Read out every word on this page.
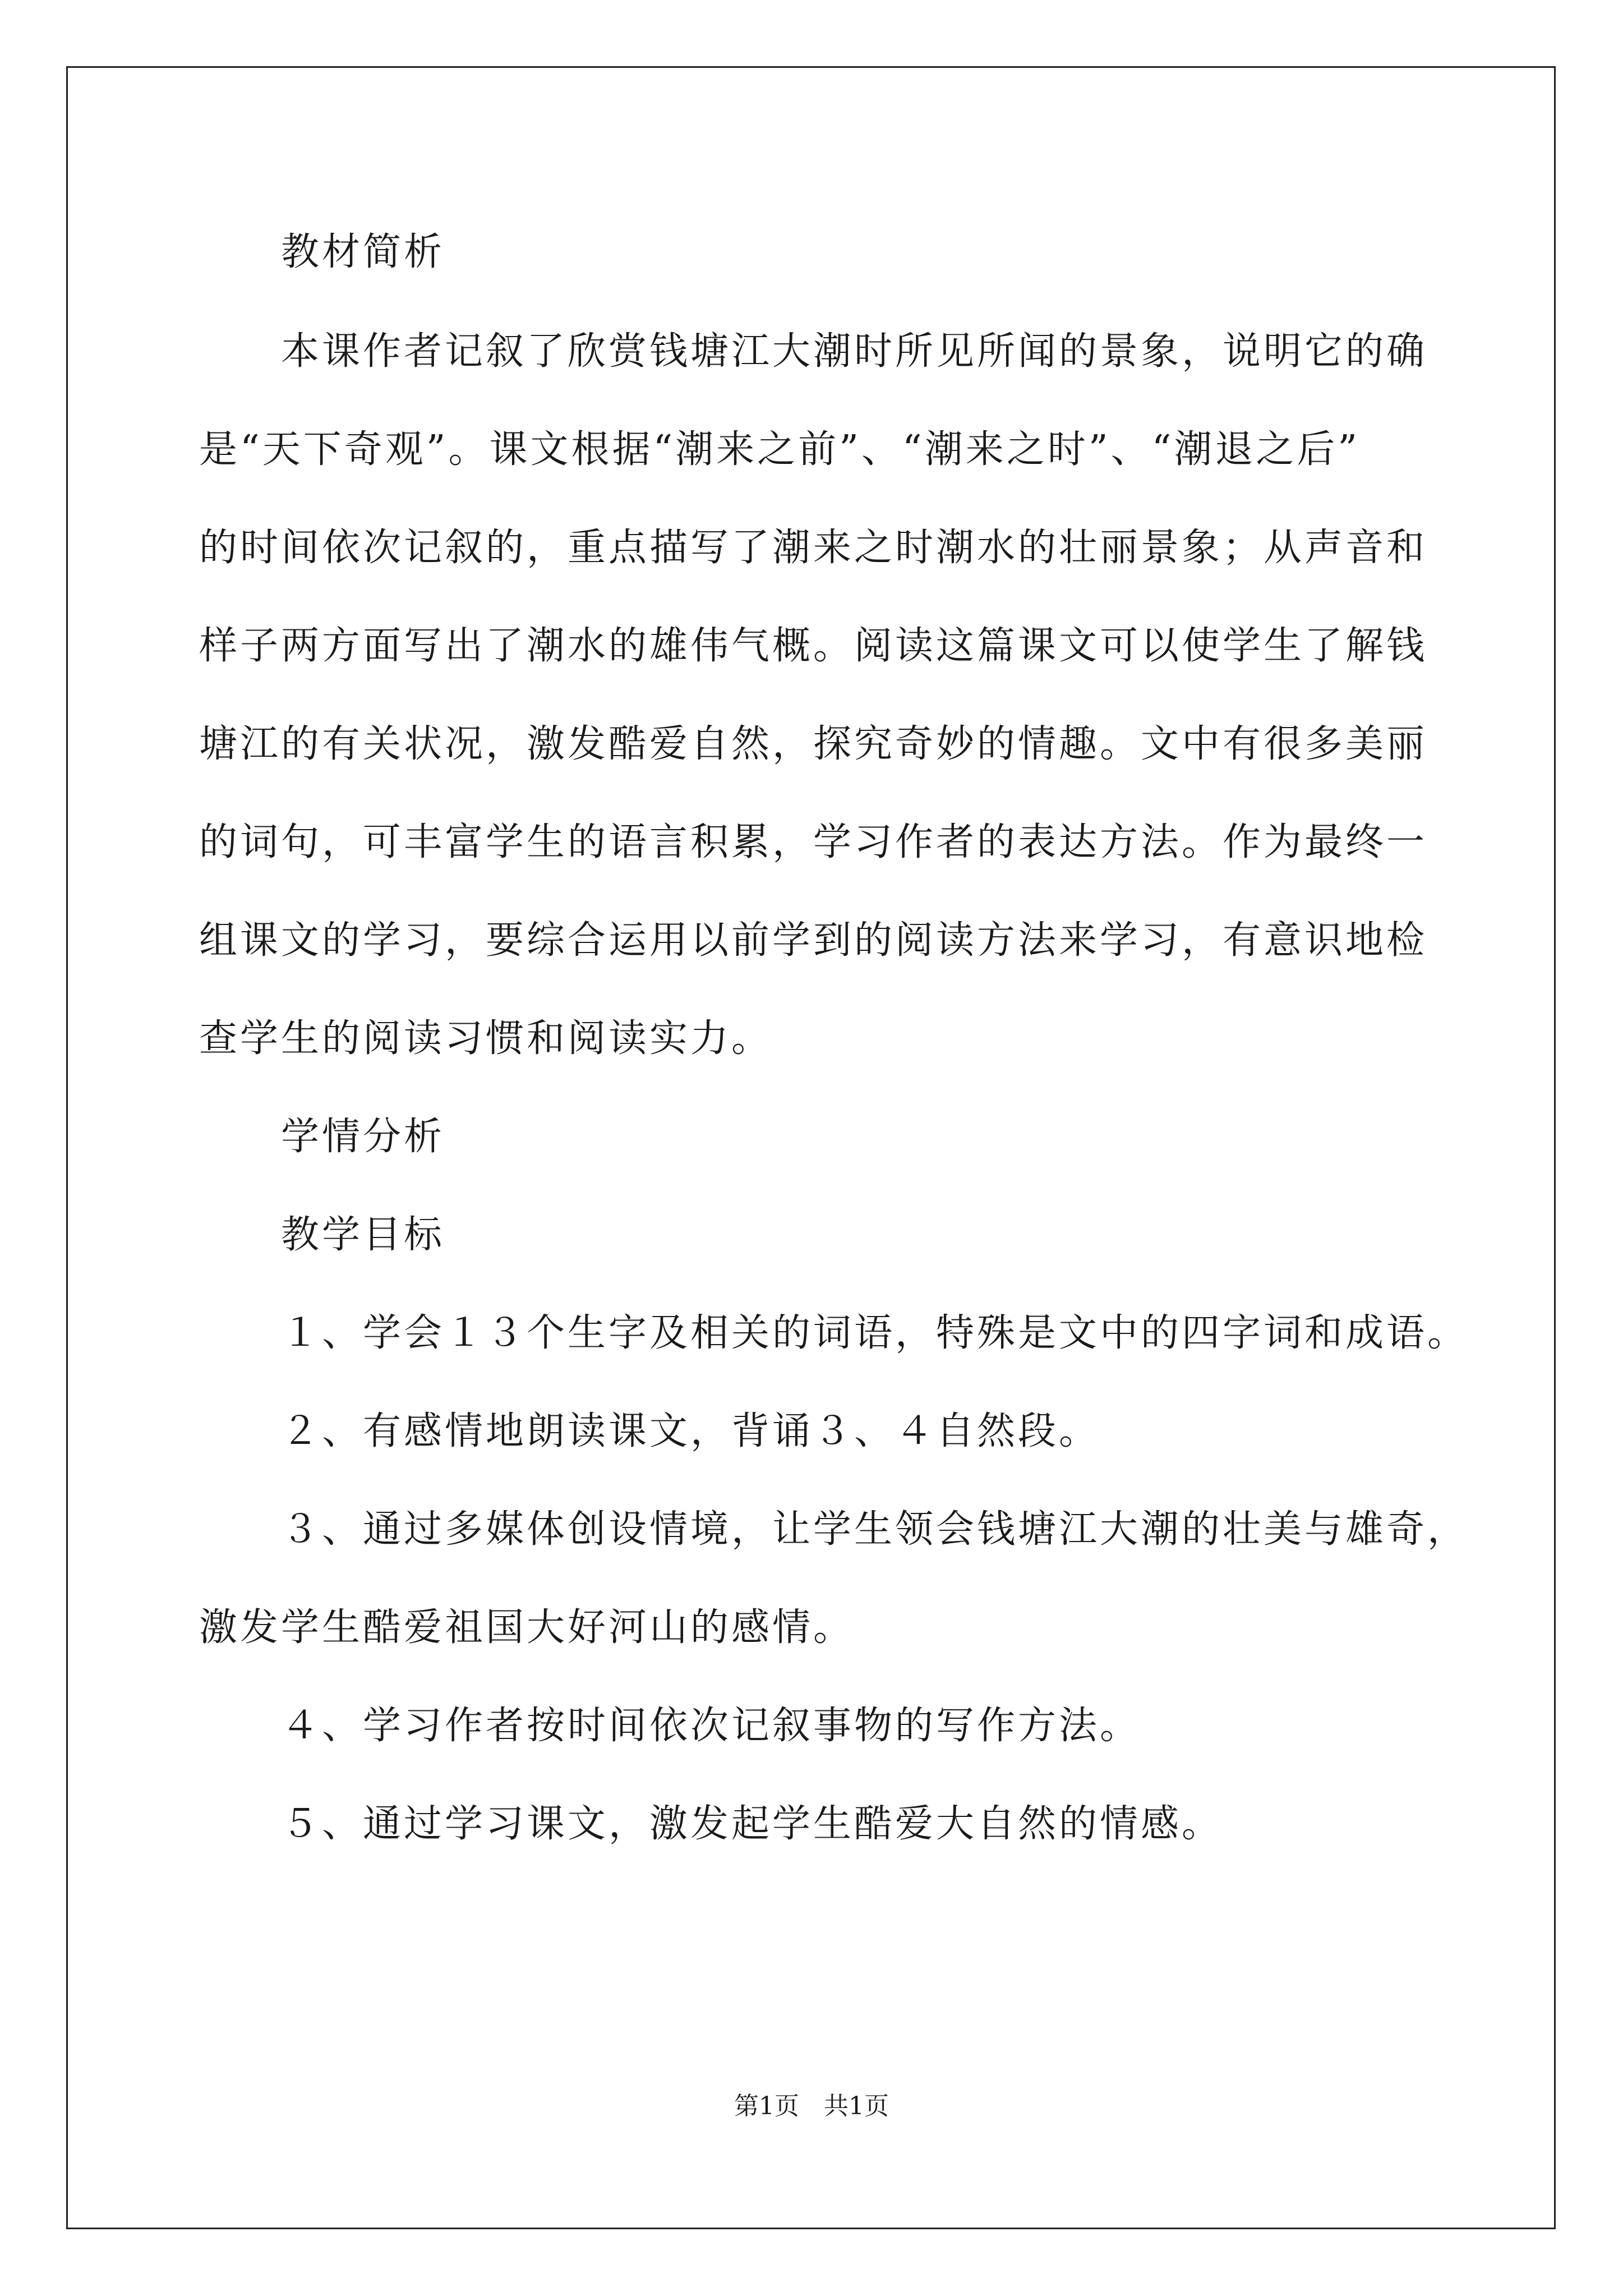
教材简析
本课作者记叙了欣赏钱塘江大潮时所见所闻的景象，说明它的确
是“天下奇观”。课文根据“潮来之前”、“潮来之时”、“潮退之后”
的时间依次记叙的，重点描写了潮来之时潮水的壮丽景象；从声音和
样子两方面写出了潮水的雄伟气概。阅读这篇课文可以使学生了解钱
塘江的有关状况，激发酷爱自然，探究奇妙的情趣。文中有很多美丽
的词句，可丰富学生的语言积累，学习作者的表达方法。作为最终一
组课文的学习，要综合运用以前学到的阅读方法来学习，有意识地检
查学生的阅读习惯和阅读实力。
学情分析
教学目标
１、学会１３个生字及相关的词语，特殊是文中的四字词和成语。
２、有感情地朗读课文，背诵３、４自然段。
３、通过多媒体创设情境，让学生领会钱塘江大潮的壮美与雄奇，
激发学生酷爱祖国大好河山的感情。
４、学习作者按时间依次记叙事物的写作方法。
５、通过学习课文，激发起学生酷爱大自然的情感。
第1页　共1页
